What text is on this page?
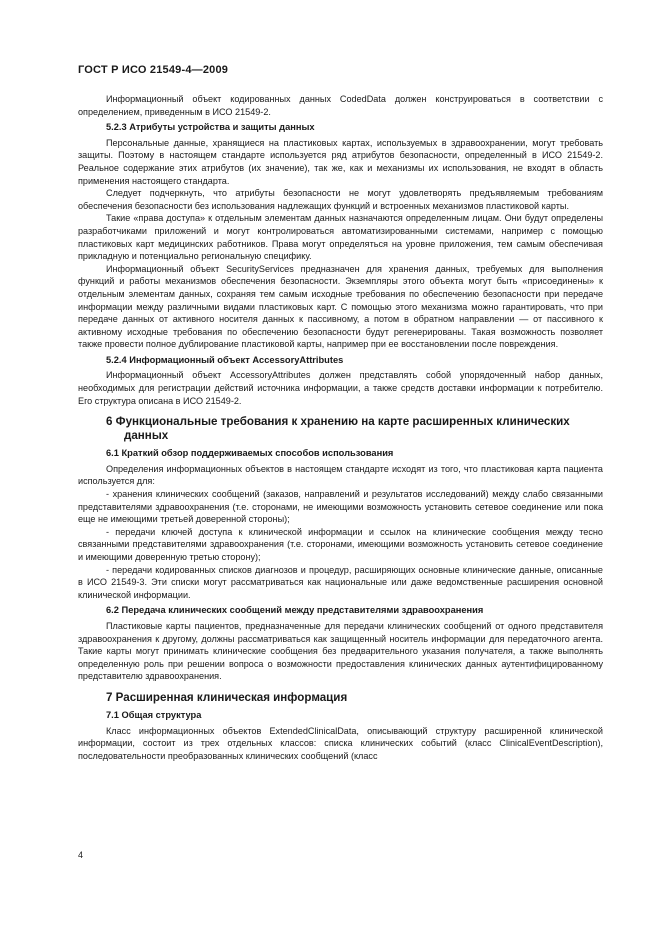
ГОСТ Р ИСО 21549-4—2009
Информационный объект кодированных данных CodedData должен конструироваться в соответствии с определением, приведенным в ИСО 21549-2.
5.2.3 Атрибуты устройства и защиты данных
Персональные данные, хранящиеся на пластиковых картах, используемых в здравоохранении, могут требовать защиты. Поэтому в настоящем стандарте используется ряд атрибутов безопасности, определенный в ИСО 21549-2. Реальное содержание этих атрибутов (их значение), так же, как и механизмы их использования, не входят в область применения настоящего стандарта.
Следует подчеркнуть, что атрибуты безопасности не могут удовлетворять предъявляемым требованиям обеспечения безопасности без использования надлежащих функций и встроенных механизмов пластиковой карты.
Такие «права доступа» к отдельным элементам данных назначаются определенным лицам. Они будут определены разработчиками приложений и могут контролироваться автоматизированными системами, например с помощью пластиковых карт медицинских работников. Права могут определяться на уровне приложения, тем самым обеспечивая прикладную и потенциально региональную специфику.
Информационный объект SecurityServices предназначен для хранения данных, требуемых для выполнения функций и работы механизмов обеспечения безопасности. Экземпляры этого объекта могут быть «присоединены» к отдельным элементам данных, сохраняя тем самым исходные требования по обеспечению безопасности при передаче информации между различными видами пластиковых карт. С помощью этого механизма можно гарантировать, что при передаче данных от активного носителя данных к пассивному, а потом в обратном направлении — от пассивного к активному исходные требования по обеспечению безопасности будут регенерированы. Такая возможность позволяет также провести полное дублирование пластиковой карты, например при ее восстановлении после повреждения.
5.2.4 Информационный объект AccessoryAttributes
Информационный объект AccessoryAttributes должен представлять собой упорядоченный набор данных, необходимых для регистрации действий источника информации, а также средств доставки информации к потребителю. Его структура описана в ИСО 21549-2.
6 Функциональные требования к хранению на карте расширенных клинических данных
6.1 Краткий обзор поддерживаемых способов использования
Определения информационных объектов в настоящем стандарте исходят из того, что пластиковая карта пациента используется для:
- хранения клинических сообщений (заказов, направлений и результатов исследований) между слабо связанными представителями здравоохранения (т.е. сторонами, не имеющими возможность установить сетевое соединение или пока еще не имеющими третьей доверенной стороны);
- передачи ключей доступа к клинической информации и ссылок на клинические сообщения между тесно связанными представителями здравоохранения (т.е. сторонами, имеющими возможность установить сетевое соединение и имеющими доверенную третью сторону);
- передачи кодированных списков диагнозов и процедур, расширяющих основные клинические данные, описанные в ИСО 21549-3. Эти списки могут рассматриваться как национальные или даже ведомственные расширения основной клинической информации.
6.2 Передача клинических сообщений между представителями здравоохранения
Пластиковые карты пациентов, предназначенные для передачи клинических сообщений от одного представителя здравоохранения к другому, должны рассматриваться как защищенный носитель информации для передаточного агента. Такие карты могут принимать клинические сообщения без предварительного указания получателя, а также выполнять определенную роль при решении вопроса о возможности предоставления клинических данных аутентифицированному представителю здравоохранения.
7 Расширенная клиническая информация
7.1 Общая структура
Класс информационных объектов ExtendedClinicalData, описывающий структуру расширенной клинической информации, состоит из трех отдельных классов: списка клинических событий (класс ClinicalEventDescription), последовательности преобразованных клинических сообщений (класс
4
